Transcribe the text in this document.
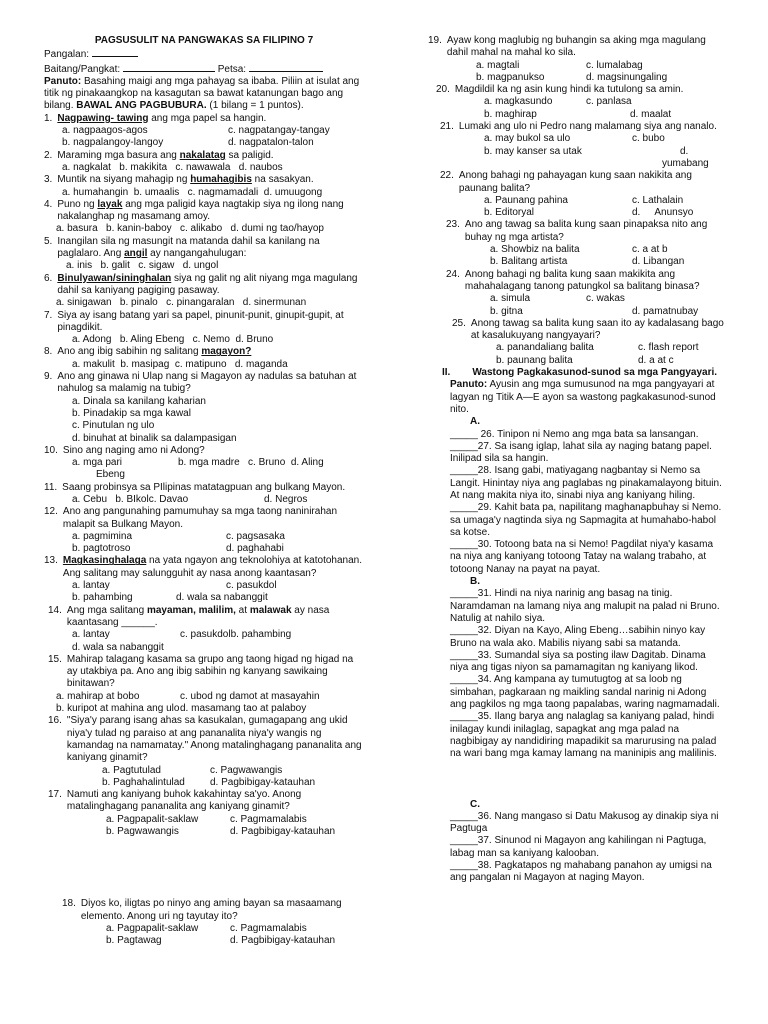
PAGSUSULIT NA PANGWAKAS SA FILIPINO 7
Pangalan:
Baitang/Pangkat:	Petsa:
Panuto: Basahing maigi ang mga pahayag sa ibaba. Piliin at isulat ang titik ng pinakaangkop na kasagutan sa bawat katanungan bago ang bilang. BAWAL ANG PAGBUBURA. (1 bilang = 1 puntos).
1. Nagpawing- tawing ang mga papel sa hangin.
a. nagpaagos-agos	c. nagpatangay-tangay
b. nagpalangoy-langoy	d. nagpatalon-talon
2. Maraming mga basura ang nakalatag sa paligid.
a. nagkalat   b. makikita   c. nawawala   d. naubos
3. Muntik na siyang mahagip ng humahagibis na sasakyan.
a. humahangin  b. umaalis   c. nagmamadali  d. umuugong
4. Puno ng layak ang mga paligid kaya nagtakip siya ng ilong nang nakalanghap ng masamang amoy.
a. basura   b. kanin-baboy   c. alikabo   d. dumi ng tao/hayop
5. Inangilan sila ng masungit na matanda dahil sa kanilang na paglalaro. Ang angil ay nangangahulugan:
a. inis   b. galit   c. sigaw   d. ungol
6. Binulyawan/sininghalan siya ng galit ng alit niyang mga magulang dahil sa kaniyang pagiging pasaway.
a. sinigawan   b. pinalo   c. pinangaralan   d. sinermunan
7. Siya ay isang batang yari sa papel, pinunit-punit, ginupit-gupit, at pinagdikit.
a. Adong   b. Aling Ebeng   c. Nemo  d. Bruno
8. Ano ang ibig sabihin ng salitang magayon?
a. makulit  b. masipag  c. matipuno   d. maganda
9. Ano ang ginawa ni Ulap nang si Magayon ay nadulas sa batuhan at nahulog sa malamig na tubig?
a. Dinala sa kanilang kaharian
b. Pinadakip sa mga kawal
c. Pinutulan ng ulo
d. binuhat at binalik sa dalampasigan
10. Sino ang naging amo ni Adong?
a. mga pari	b. mga madre   c. Bruno  d. Aling
Ebeng
11. Saang probinsya sa PIlipinas matatagpuan ang bulkang Mayon.
a. Cebu   b. BIkolc. Davao	d. Negros
12. Ano ang pangunahing pamumuhay sa mga taong naninirahan malapit sa Bulkang Mayon.
a. pagmimina	c. pagsasaka
b. pagtotroso	d. paghahabi
13. Magkasinghalaga na yata ngayon ang teknolohiya at katotohanan. Ang salitang may salungguhit ay nasa anong kaantasan?
a. lantay	c. pasukdol
b. pahambing	d. wala sa nabanggit
14. Ang mga salitang mayaman, malilim, at malawak ay nasa kaantasang ______.
a. lantay	c. pasukdol b. pahambing
d. wala sa nabanggit
15. Mahirap talagang kasama sa grupo ang taong higad ng higad na ay utakbiya pa. Ano ang ibig sabihin ng kanyang sawikaing binitawan?
a. mahirap at bobo	c. ubod ng damot at masayahin
b. kuripot at mahina ang ulo d. masamang tao at palaboy
16. "Siya'y parang isang ahas sa kasukalan, gumagapang ang ukid niya'y tulad ng paraiso at ang pananalita niya'y wangis ng kamandag na namamatay." Anong matalinghagang pananalita ang kaniyang ginamit?
a. Pagtutulad	c. Pagwawangis
b. Paghahalintulad	d. Pagbibigay-katauhan
17. Namuti ang kaniyang buhok kakahintay sa'yo. Anong matalinghagang pananalita ang kaniyang ginamit?
a. Pagpapalit-saklaw	c. Pagmamalabis
b. Pagwawangis	d. Pagbibigay-katauhan
18. Diyos ko, iligtas po ninyo ang aming bayan sa masaamang elemento. Anong uri ng tayutay ito?
a. Pagpapalit-saklaw	c. Pagmamalabis
b. Pagtawag	d. Pagbibigay-katauhan
19. Ayaw kong maglubig ng buhangin sa aking mga magulang dahil mahal na mahal ko sila.
a. magtali	c. lumalabag
b. magpanukso	d. magsinungaling
20. Magdildil ka ng asin kung hindi ka tutulong sa amin.
a. magkasundo	c. panlasa
b. maghirap	d. maalat
21. Lumaki ang ulo ni Pedro nang malamang siya ang nanalo.
a. may bukol sa ulo	c. bubo
b. may kanser sa utak	d.
yumabang
22. Anong bahagi ng pahayagan kung saan nakikita ang paunang balita?
a. Paunang pahina	c. Lathalain
b. Editoryal	d.	Anunsyo
23. Ano ang tawag sa balita kung saan pinapaksa nito ang buhay ng mga artista?
a. Showbiz na balita	c. a at b
b. Balitang artista	d. Libangan
24. Anong bahagi ng balita kung saan makikita ang mahahalagang tanong patungkol sa balitang binasa?
a. simula	c. wakas
b. gitna	d. pamatnubay
25. Anong tawag sa balita kung saan ito ay kadalasang bago at kasalukuyang nangyayari?
a. panandaliang balita	c. flash report
b. paunang balita	d. a at c
II.	Wastong Pagkakasunod-sunod sa mga Pangyayari.
Panuto: Ayusin ang mga sumusunod na mga pangyayari at lagyan ng Titik A—E ayon sa wastong pagkakasunod-sunod nito.
A.
_____ 26. Tinipon ni Nemo ang mga bata sa lansangan.
_____27. Sa isang iglap, lahat sila ay naging batang papel. Inilipad sila sa hangin.
_____28. Isang gabi, matiyagang nagbantay si Nemo sa Langit. Hinintay niya ang paglabas ng pinakamalayong bituin. At nang makita niya ito, sinabi niya ang kaniyang hiling.
_____29. Kahit bata pa, napilitang maghanapbuhay si Nemo. sa umaga'y nagtinda siya ng Sapmagita at humahabo-habol sa kotse.
_____30. Totoong bata na si Nemo! Pagdilat niya'y kasama na niya ang kaniyang totoong Tatay na walang trabaho, at totoong Nanay na payat na payat.
B.
_____31. Hindi na niya narinig ang basag na tinig. Naramdaman na lamang niya ang malupit na palad ni Bruno. Natulig at nahilo siya.
_____32. Diyan na Kayo, Aling Ebeng…sabihin ninyo kay Bruno na wala ako. Mabilis niyang sabi sa matanda.
_____33. Sumandal siya sa posting ilaw Dagitab. Dinama niya ang tigas niyon sa pamamagitan ng kaniyang likod.
_____34. Ang kampana ay tumutugtog at sa loob ng simbahan, pagkaraan ng maikling sandal narinig ni Adong ang pagkilos ng mga taong papalabas, waring nagmamadali.
_____35. Ilang barya ang nalaglag sa kaniyang palad, hindi inilagay kundi inilaglag, sapagkat ang mga palad na nagbibigay ay nandidiring mapadikit sa marurusing na palad na wari bang mga kamay lamang na maninipis ang malilinis.
C.
_____36. Nang mangaso si Datu Makusog ay dinakip siya ni Pagtuga
_____37. Sinunod ni Magayon ang kahilingan ni Pagtuga, labag man sa kaniyang kalooban.
_____38. Pagkatapos ng mahabang panahon ay umigsi na ang pangalan ni Magayon at naging Mayon.
